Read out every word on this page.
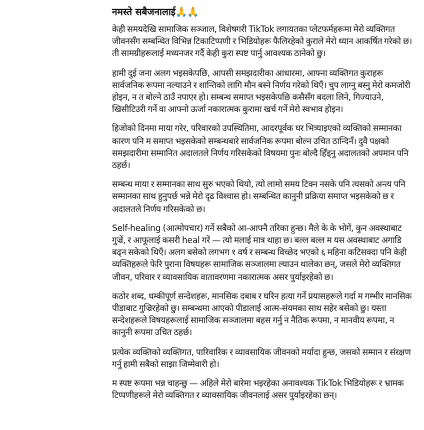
नमस्ते सबैजनालाई🙏🙏

केही समयदेखि सामाजिक सञ्जाल, विशेषगरी TikTok लगायतका प्लेटफर्महरूमा मेरो व्यक्तिगत जीवनसँग सम्बन्धित विभिन्न टिकाटिप्पणी र भिडियोहरू फैलिरहेको कुराले मेरो ध्यान आकर्षित गरेको छ। ती सामग्रीहरूलाई मध्यनजर गर्दै केही कुरा स्पष्ट पार्नु आवश्यक ठानेको छु।

हामी दुई जना अलग भइसकेपछि, आपसी समझदारीका आधारमा, आफ्ना व्यक्तिगत कुराहरू सार्वजनिक रूपमा नल्याउने र शान्तिको लागि मौन बस्ने निर्णय गरेको थिएँ। चुप लाग्नु बस्नु मेरो कमजोरी होइन, न त बोल्ने ठाउँ नपाएर हो। सम्बन्ध समाप्त भइसकेपछि कसैसँग बदला लिने, गिज्याउने, खिसीटिउरी गर्ने वा आफ्नो ऊर्जा नकारात्मक कुरामा खर्च गर्ने मेरो स्वभाव होइन।

हिजोको दिनमा माया गरेर, परिवारको उपस्थितिमा, आदरपूर्वक घर भित्र्याइएको व्यक्तिको सम्मानका कारण पनि म समाप्त भइसकेको सम्बन्धबारे सार्वजनिक रूपमा बोल्न उचित ठान्दिनँ। दुवै पक्षको समझदारीमा सम्मानित अदालतले निर्णय गरिसकेको विषयमा पुनः बोल्दै हिँड्नु अदालतको अपमान पनि ठहर्छ।

सम्बन्ध माया र सम्मानका साथ सुरु भएको थियो, त्यो लामो समय टिक्न नसके पनि त्यसको अन्त्य पनि सम्मानका साथ हुनुपर्छ भन्ने मेरो दृढ विश्वास हो। सम्बन्धित कानुनी प्रक्रिया समाप्त भइसकेको छ र अदालतले निर्णय गरिसकेको छ।

Self-healing (आत्मोपचार) गर्ने सबैको आ-आफ्नै तरिका हुन्छ। मैले के के भोगें, कुन अवस्थाबाट गुज्रें, र आफूलाई कसरी heal गरें — त्यो मलाई मात्र थाहा छ। बल्ल बल्ल म यस अवस्थाबाट अगाडि बढ्न सकेको थिएँ। अलग बसेको लगभग १ वर्ष र सम्बन्ध विच्छेद भएको ६ महिना कटिसक्दा पनि केही व्यक्तिहरूले फेरि पुराना विषयहरू सामाजिक सञ्जालमा ल्याउन थालेका छन्, जसले मेरो व्यक्तिगत जीवन, परिवार र व्यावसायिक वातावरणमा नकारात्मक असर पुर्याइरहेको छ।

कठोर शब्द, धम्कीपूर्ण सन्देशहरू, मानसिक दबाब र घरिन हत्या गर्ने प्रयासहरूले गर्दा म गम्भीर मानसिक पीडाबाट गुज्रिरहेको छु। सम्बन्धमा आएको पीडालाई आत्म-संयमका साथ सहेर बसेको छु। यस्ता सन्देशहरूले विषयहरूलाई सामाजिक सञ्जालमा बहस गर्नु न नैतिक रूपमा, न मानवीय रूपमा, न कानुनी रूपमा उचित ठहर्छ।

प्रत्येक व्यक्तिको व्यक्तिगत, पारिवारिक र व्यावसायिक जीवनको मर्यादा हुन्छ, जसको सम्मान र संरक्षण गर्नु हामी सबैको साझा जिम्मेवारी हो।

म स्पष्ट रूपमा भन्न चाहन्छु — अहिले मेरो बारेमा भइरहेका अनावश्यक TikTok भिडियोहरू र भ्रामक टिप्पणीहरूले मेरो व्यक्तिगत र व्यावसायिक जीवनलाई असर पुर्याइरहेका छन्।
